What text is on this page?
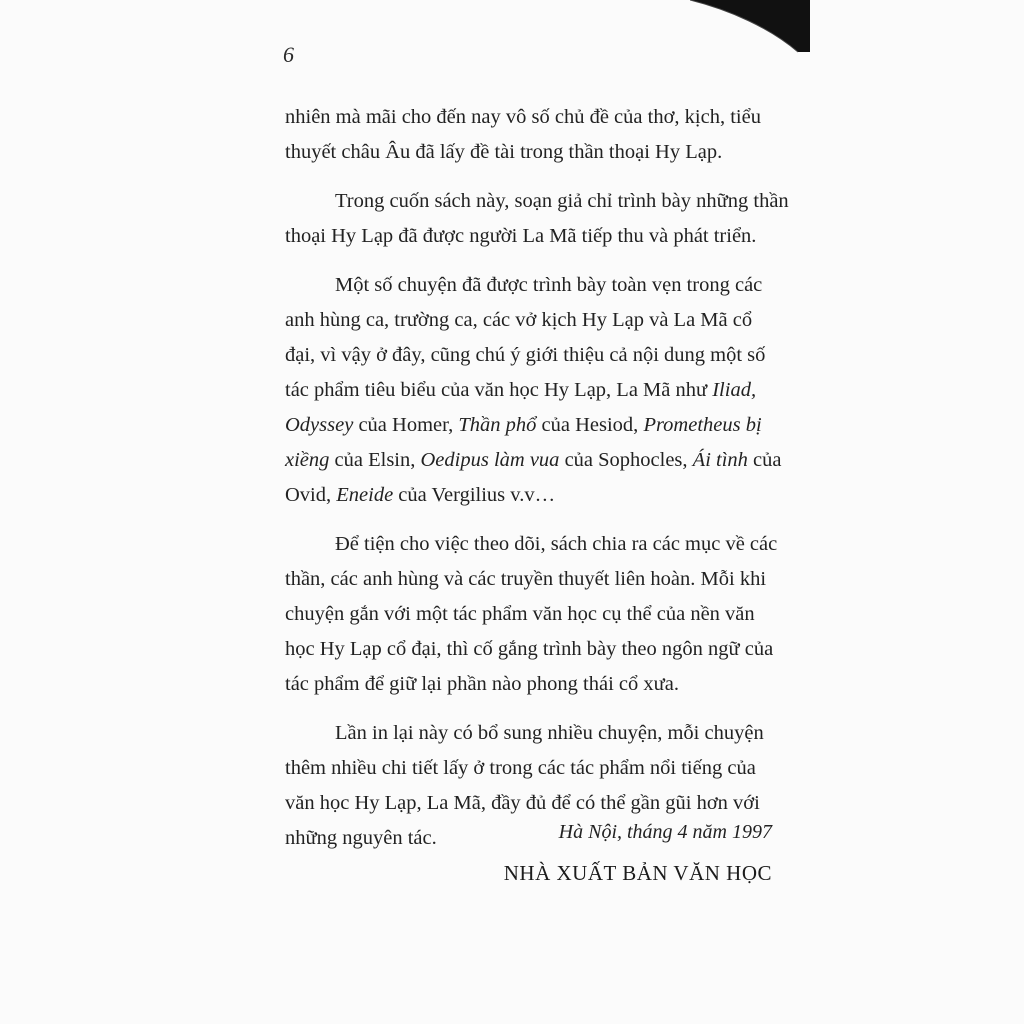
6

nhiên mà mãi cho đến nay vô số chủ đề của thơ, kịch, tiểu
thuyết châu Âu đã lấy đề tài trong thần thoại Hy Lạp.

Trong cuốn sách này, soạn giả chỉ trình bày những thần
thoại Hy Lạp đã được người La Mã tiếp thu và phát triển.

Một số chuyện đã được trình bày toàn vẹn trong các
anh hùng ca, trường ca, các vở kịch Hy Lạp và La Mã cổ
đại, vì vậy ở đây, cũng chú ý giới thiệu cả nội dung một số
tác phẩm tiêu biểu của văn học Hy Lạp, La Mã như Iliad,
Odyssey của Homer, Thần phổ của Hesiod, Prometheus bị
xiềng của Elsin, Oedipus làm vua của Sophocles, Ái tình của
Ovid, Eneide của Vergilius v.v…

Để tiện cho việc theo dõi, sách chia ra các mục về các
thần, các anh hùng và các truyền thuyết liên hoàn. Mỗi khi
chuyện gắn với một tác phẩm văn học cụ thể của nền văn
học Hy Lạp cổ đại, thì cố gắng trình bày theo ngôn ngữ của
tác phẩm để giữ lại phần nào phong thái cổ xưa.

Lần in lại này có bổ sung nhiều chuyện, mỗi chuyện
thêm nhiều chi tiết lấy ở trong các tác phẩm nổi tiếng của
văn học Hy Lạp, La Mã, đầy đủ để có thể gần gũi hơn với
những nguyên tác.	Hà Nội, tháng 4 năm 1997
NHÀ XUẤT BẢN VĂN HỌC
